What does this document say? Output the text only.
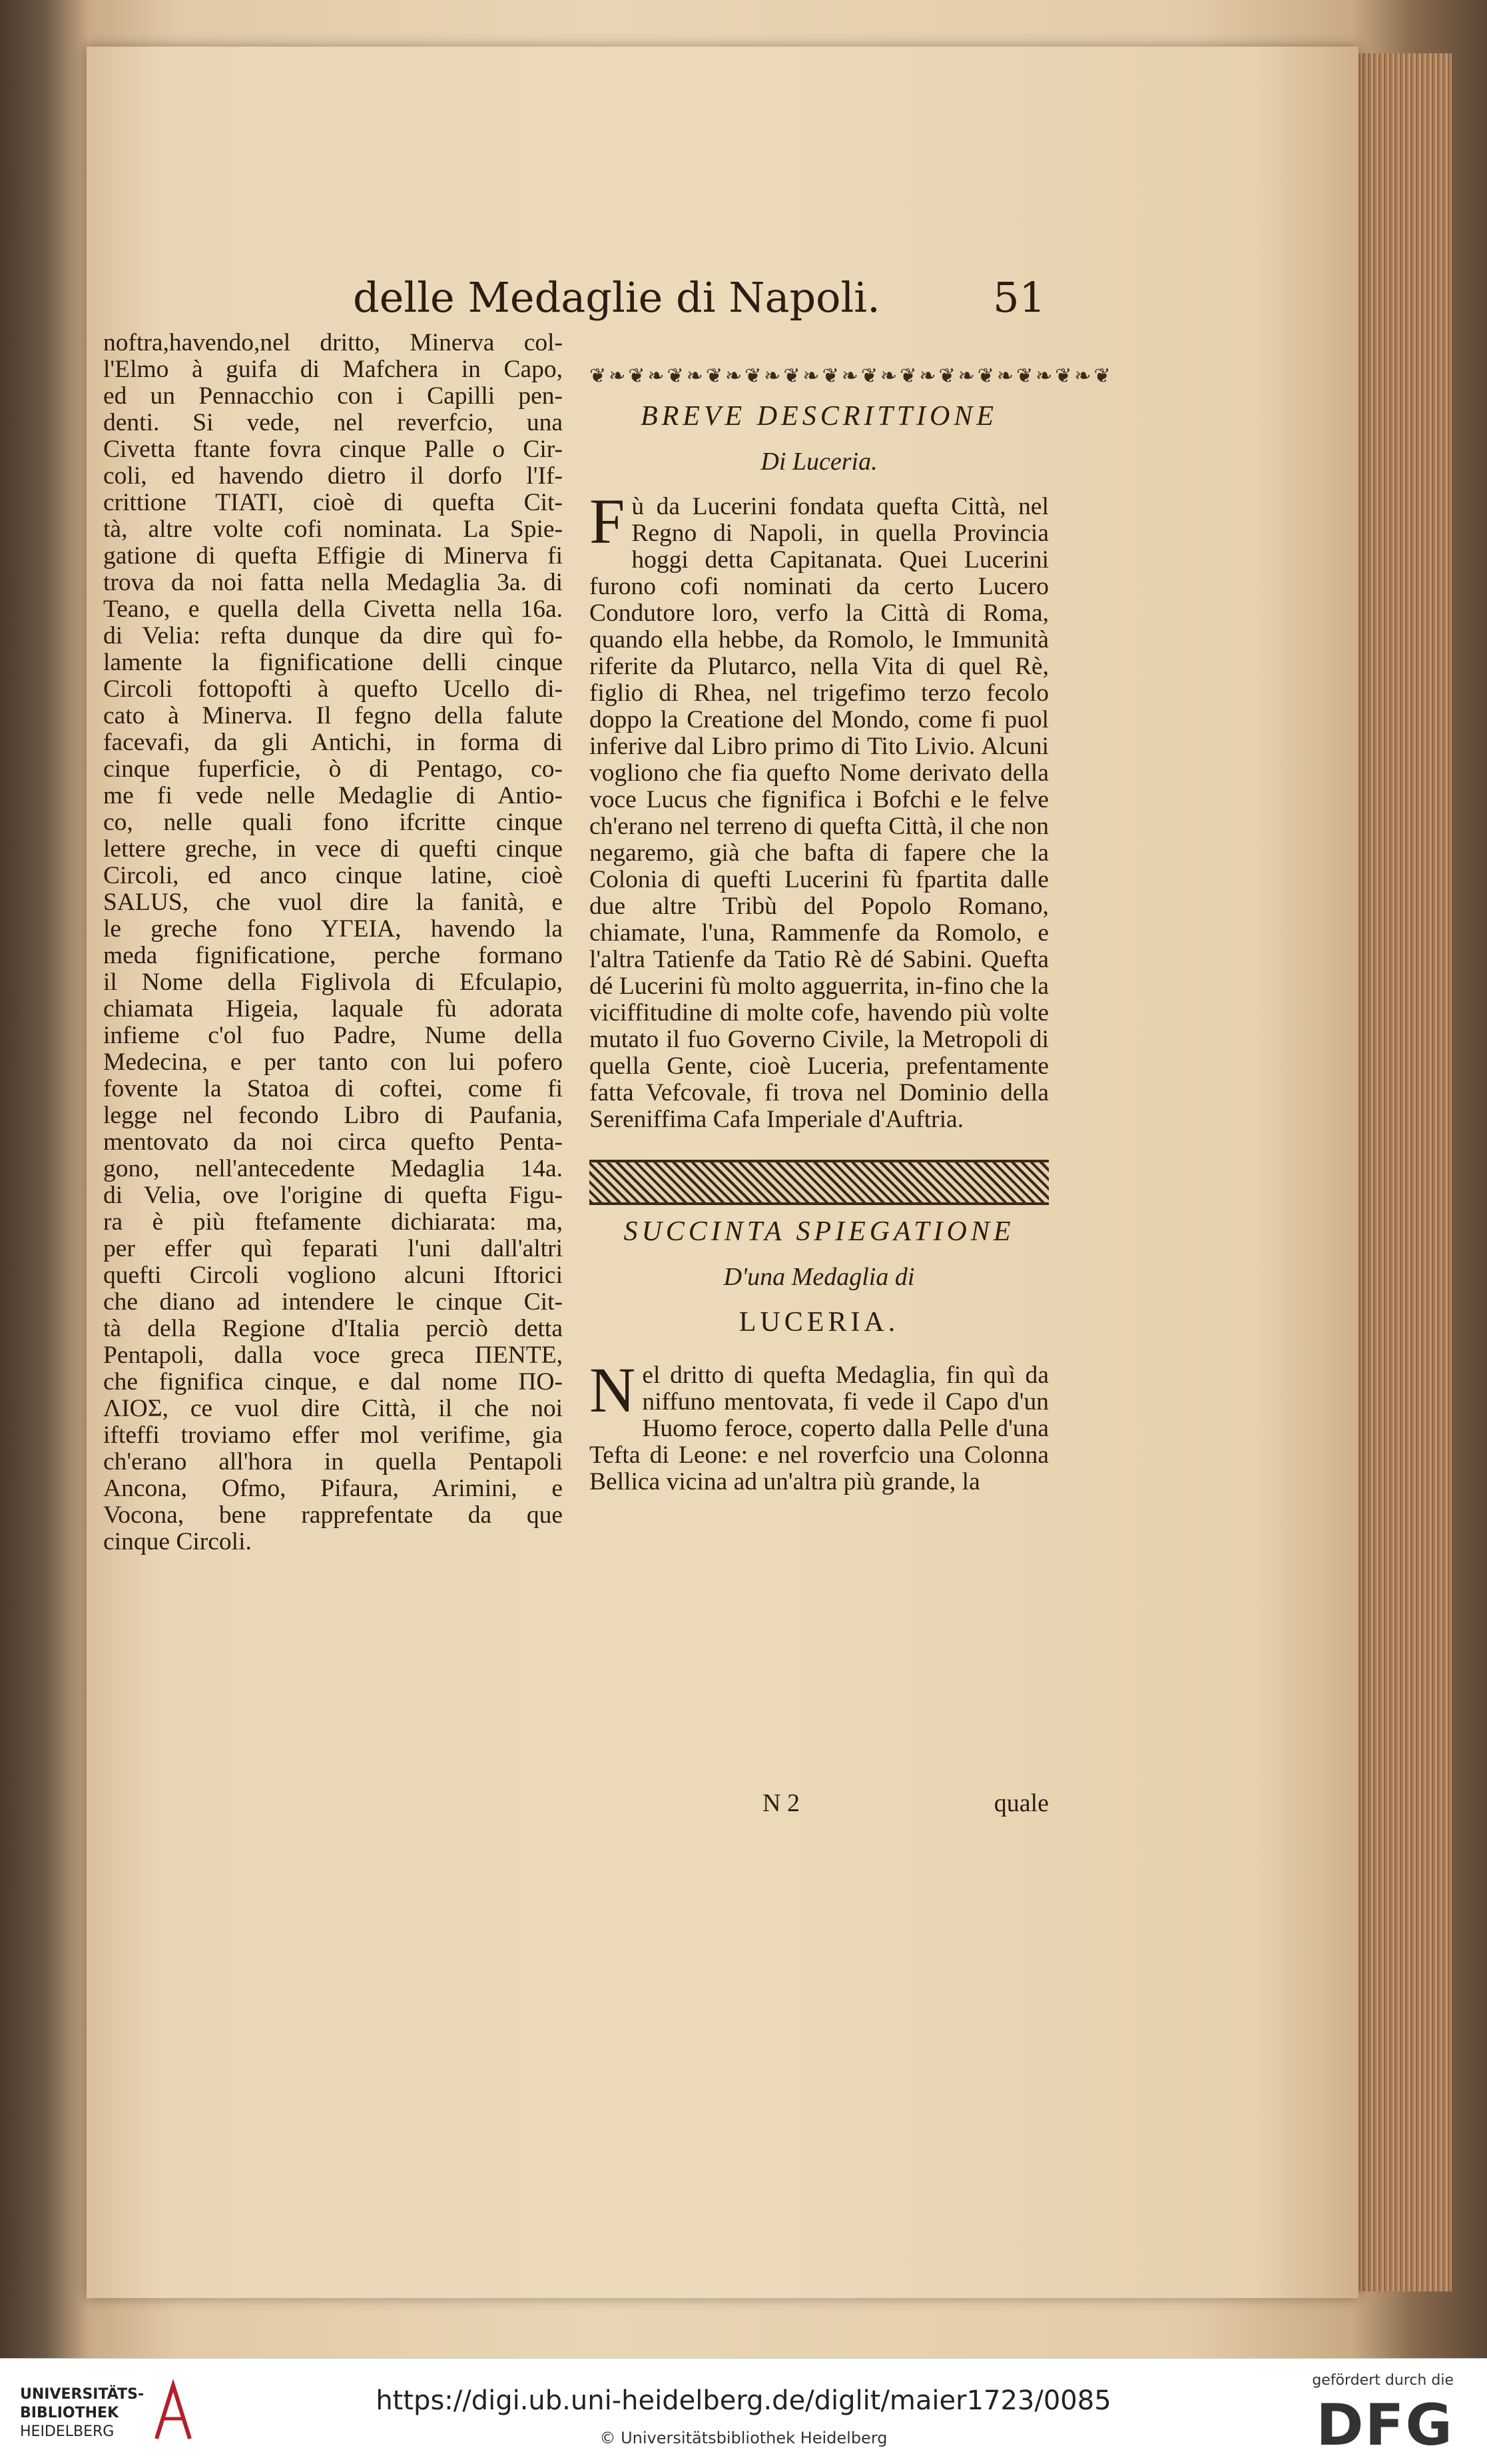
delle Medaglie di Napoli.	51

noftra,havendo,nel dritto, Minerva col-

l'Elmo à guifa di Mafchera in Capo,

ed un Pennacchio con i Capilli pen-

denti. Si vede, nel reverfcio, una

Civetta ftante fovra cinque Palle o Cir-

coli, ed havendo dietro il dorfo l'If-

crittione TIATI, cioè di quefta Cit-

tà, altre volte cofi nominata. La Spie-

gatione di quefta Effigie di Minerva fi

trova da noi fatta nella Medaglia 3a. di

Teano, e quella della Civetta nella 16a.

di Velia: refta dunque da dire quì fo-

lamente la fignificatione delli cinque

Circoli fottopofti à quefto Ucello di-

cato à Minerva. Il fegno della falute

facevafi, da gli Antichi, in forma di

cinque fuperficie, ò di Pentago, co-

me fi vede nelle Medaglie di Antio-

co, nelle quali fono ifcritte cinque

lettere greche, in vece di quefti cinque

Circoli, ed anco cinque latine, cioè

SALUS, che vuol dire la fanità, e

le greche fono YΓEIA, havendo la

meda fignificatione, perche formano

il Nome della Figlivola di Efculapio,

chiamata Higeia, laquale fù adorata

infieme c'ol fuo Padre, Nume della

Medecina, e per tanto con lui pofero

fovente la Statoa di coftei, come fi

legge nel fecondo Libro di Paufania,

mentovato da noi circa quefto Penta-

gono, nell'antecedente Medaglia 14a.

di Velia, ove l'origine di quefta Figu-

ra è più ftefamente dichiarata: ma,

per effer quì feparati l'uni dall'altri

quefti Circoli vogliono alcuni Iftorici

che diano ad intendere le cinque Cit-

tà della Regione d'Italia perciò detta

Pentapoli, dalla voce greca ΠΕΝΤΕ,

che fignifica cinque, e dal nome ΠΟ-

ΛΙΟΣ, ce vuol dire Città, il che noi

ifteffi troviamo effer mol verifime, gia

ch'erano all'hora in quella Pentapoli

Ancona, Ofmo, Pifaura, Arimini, e

Vocona, bene rapprefentate da que

cinque Circoli.

❦❧❦❧❦❧❦❧❦❧❦❧❦❧❦❧❦❧❦❧❦❧❦❧❦❧❦
BREVE DESCRITTIONE
Di Luceria.

Fù da Lucerini fondata quefta Città, nel Regno di Napoli, in quella Provincia hoggi detta Capitanata. Quei Lucerini furono cofi nominati da certo Lucero Condutore loro, verfo la Città di Roma, quando ella hebbe, da Romolo, le Immunità riferite da Plutarco, nella Vita di quel Rè, figlio di Rhea, nel trigefimo terzo fecolo doppo la Creatione del Mondo, come fi puol inferive dal Libro primo di Tito Livio. Alcuni vogliono che fia quefto Nome derivato della voce Lucus che fignifica i Bofchi e le felve ch'erano nel terreno di quefta Città, il che non negaremo, già che bafta di fapere che la Colonia di quefti Lucerini fù fpartita dalle due altre Tribù del Popolo Romano, chiamate, l'una, Rammenfe da Romolo, e l'altra Tatienfe da Tatio Rè dé Sabini. Quefta dé Lucerini fù molto agguerrita, in-fino che la viciffitudine di molte cofe, havendo più volte mutato il fuo Governo Civile, la Metropoli di quella Gente, cioè Luceria, prefentamente fatta Vefcovale, fi trova nel Dominio della Sereniffima Cafa Imperiale d'Auftria.

SUCCINTA SPIEGATIONE
D'una Medaglia di
LUCERIA.

Nel dritto di quefta Medaglia, fin quì da niffuno mentovata, fi vede il Capo d'un Huomo feroce, coperto dalla Pelle d'una Tefta di Leone: e nel roverfcio una Colonna Bellica vicina ad un'altra più grande, la

N 2	quale
UNIVERSITÄTS-
BIBLIOTHEK
HEIDELBERG
https://digi.ub.uni-heidelberg.de/diglit/maier1723/0085
© Universitätsbibliothek Heidelberg
gefördert durch die
DFG
